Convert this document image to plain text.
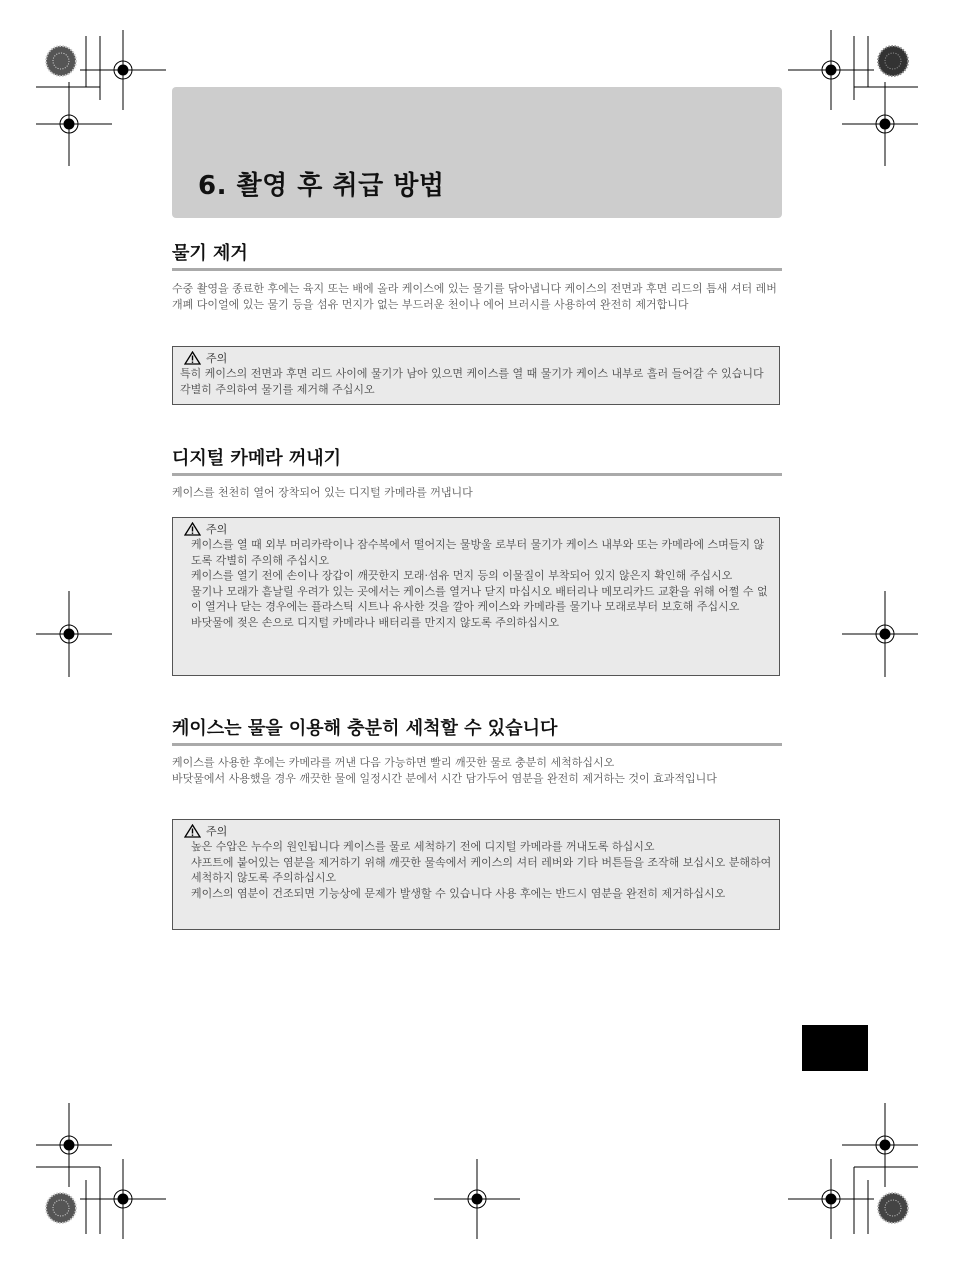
6. 촬영 후 취급 방법
물기 제거

수중 촬영을 종료한 후에는 육지 또는 배에 올라 케이스에 있는 물기를 닦아냅니다 케이스의 전면과 후면 리드의 틈새 셔터 레버 개폐 다이얼에 있는 물기 등을 섬유 먼지가 없는 부드러운 천이나 에어 브러시를 사용하여 완전히 제거합니다

주의

특히 케이스의 전면과 후면 리드 사이에 물기가 남아 있으면 케이스를 열 때 물기가 케이스 내부로 흘러 들어갈 수 있습니다 각별히 주의하여 물기를 제거해 주십시오

디지털 카메라 꺼내기

케이스를 천천히 열어 장착되어 있는 디지털 카메라를 꺼냅니다

주의
케이스를 열 때 외부 머리카락이나 잠수복에서 떨어지는 물방울 로부터 물기가 케이스 내부와 또는 카메라에 스며들지 않도록 각별히 주의해 주십시오
케이스를 열기 전에 손이나 장갑이 깨끗한지 모래·섬유 먼지 등의 이물질이 부착되어 있지 않은지 확인해 주십시오
물기나 모래가 흩날릴 우려가 있는 곳에서는 케이스를 열거나 닫지 마십시오 배터리나 메모리카드 교환을 위해 어쩔 수 없이 열거나 닫는 경우에는 플라스틱 시트나 유사한 것을 깔아 케이스와 카메라를 물기나 모래로부터 보호해 주십시오
바닷물에 젖은 손으로 디지털 카메라나 배터리를 만지지 않도록 주의하십시오
케이스는 물을 이용해 충분히 세척할 수 있습니다
케이스를 사용한 후에는 카메라를 꺼낸 다음 가능하면 빨리 깨끗한 물로 충분히 세척하십시오
바닷물에서 사용했을 경우 깨끗한 물에 일정시간 분에서 시간 담가두어 염분을 완전히 제거하는 것이 효과적입니다
주의
높은 수압은 누수의 원인됩니다 케이스를 물로 세척하기 전에 디지털 카메라를 꺼내도록 하십시오
샤프트에 붙어있는 염분을 제거하기 위해 깨끗한 물속에서 케이스의 셔터 레버와 기타 버튼들을 조작해 보십시오 분해하여 세척하지 않도록 주의하십시오
케이스의 염분이 건조되면 기능상에 문제가 발생할 수 있습니다 사용 후에는 반드시 염분을 완전히 제거하십시오
